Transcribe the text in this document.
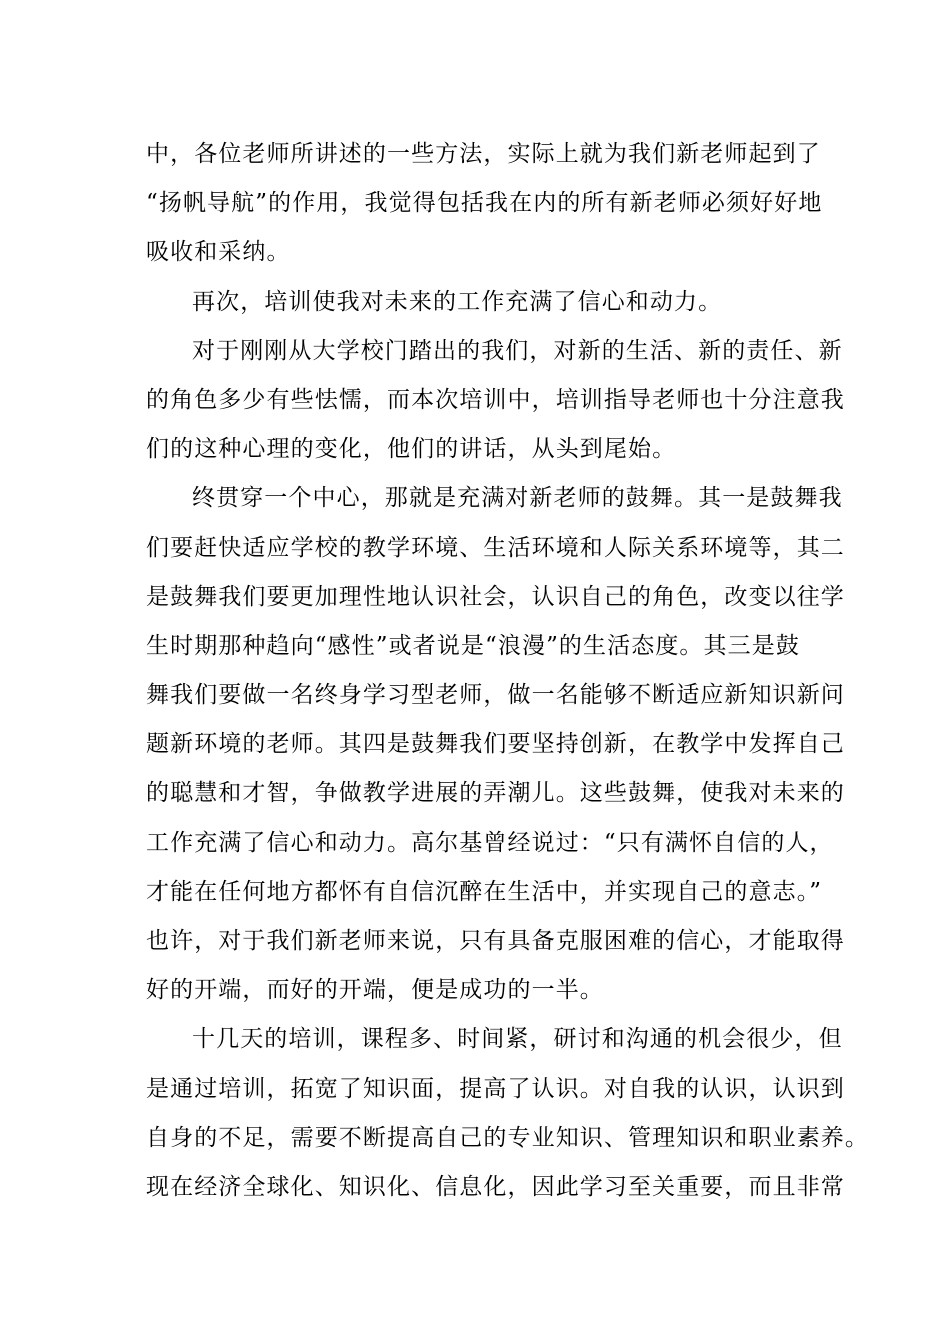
中，各位老师所讲述的一些方法，实际上就为我们新老师起到了
“扬帆导航”的作用，我觉得包括我在内的所有新老师必须好好地
吸收和采纳。
再次，培训使我对未来的工作充满了信心和动力。
对于刚刚从大学校门踏出的我们，对新的生活、新的责任、新
的角色多少有些怯懦，而本次培训中，培训指导老师也十分注意我
们的这种心理的变化，他们的讲话，从头到尾始。
终贯穿一个中心，那就是充满对新老师的鼓舞。其一是鼓舞我
们要赶快适应学校的教学环境、生活环境和人际关系环境等，其二
是鼓舞我们要更加理性地认识社会，认识自己的角色，改变以往学
生时期那种趋向“感性”或者说是“浪漫”的生活态度。其三是鼓
舞我们要做一名终身学习型老师，做一名能够不断适应新知识新问
题新环境的老师。其四是鼓舞我们要坚持创新，在教学中发挥自己
的聪慧和才智，争做教学进展的弄潮儿。这些鼓舞，使我对未来的
工作充满了信心和动力。高尔基曾经说过：“只有满怀自信的人，
才能在任何地方都怀有自信沉醉在生活中，并实现自己的意志。”
也许，对于我们新老师来说，只有具备克服困难的信心，才能取得
好的开端，而好的开端，便是成功的一半。
十几天的培训，课程多、时间紧，研讨和沟通的机会很少，但
是通过培训，拓宽了知识面，提高了认识。对自我的认识，认识到
自身的不足，需要不断提高自己的专业知识、管理知识和职业素养。
现在经济全球化、知识化、信息化，因此学习至关重要，而且非常
